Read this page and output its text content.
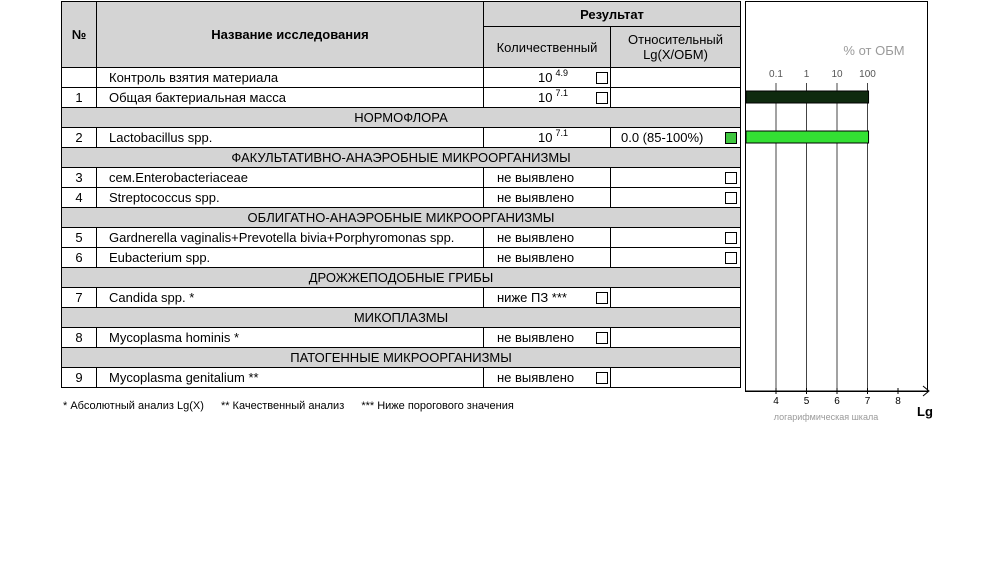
№	Название исследования	Результат	
		Количественный	Относительный
Lg(X/ОБМ)

	Контроль взятия материала	10 $^{4.9}$

1	Общая бактериальная масса	10 $^{7.1}$

НОРМОФЛОРА			
2	Lactobacillus spp.	10 $^{7.1}$	0.0 (85-100%)

ФАКУЛЬТАТИВНО-АНАЭРОБНЫЕ МИКРООРГАНИЗМЫ			
3	сем.Enterobacteriaceae	не выявлено	

4	Streptococcus spp.	не выявлено	

ОБЛИГАТНО-АНАЭРОБНЫЕ МИКРООРГАНИЗМЫ			
5	Gardnerella vaginalis+Prevotella bivia+Porphyromonas spp.	не выявлено	

6	Eubacterium spp.	не выявлено	

ДРОЖЖЕПОДОБНЫЕ ГРИБЫ			
7	Candida spp. *	ниже ПЗ ***	

МИКОПЛАЗМЫ			
8	Mycoplasma hominis *	не выявлено	

ПАТОГЕННЫЕ МИКРООРГАНИЗМЫ			
9	Mycoplasma genitalium **	не выявлено	

% от ОБМ
0.1 1 10 100
4 5 6 7 8
логарифмическая шкала	Lg
* Абсолютный анализ Lg(X) ** Качественный анализ *** Ниже порогового значения
